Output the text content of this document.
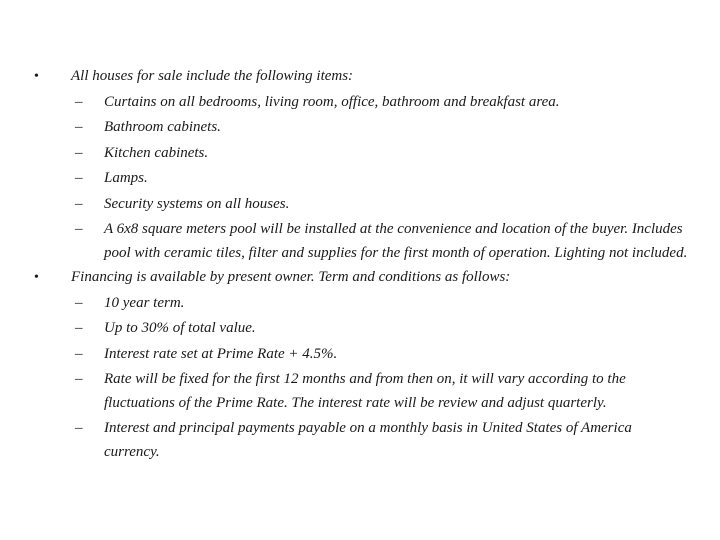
• All houses for sale include the following items:
– Curtains on all bedrooms, living room, office, bathroom and breakfast area.
– Bathroom cabinets.
– Kitchen cabinets.
– Lamps.
– Security systems on all houses.
– A 6x8 square meters pool will be installed at the convenience and location of the buyer. Includes pool with ceramic tiles, filter and supplies for the first month of operation. Lighting not included.
• Financing is available by present owner. Term and conditions as follows:
– 10 year term.
– Up to 30% of total value.
– Interest rate set at Prime Rate + 4.5%.
– Rate will be fixed for the first 12 months and from then on, it will vary according to the fluctuations of the Prime Rate. The interest rate will be review and adjust quarterly.
– Interest and principal payments payable on a monthly basis in United States of America currency.
